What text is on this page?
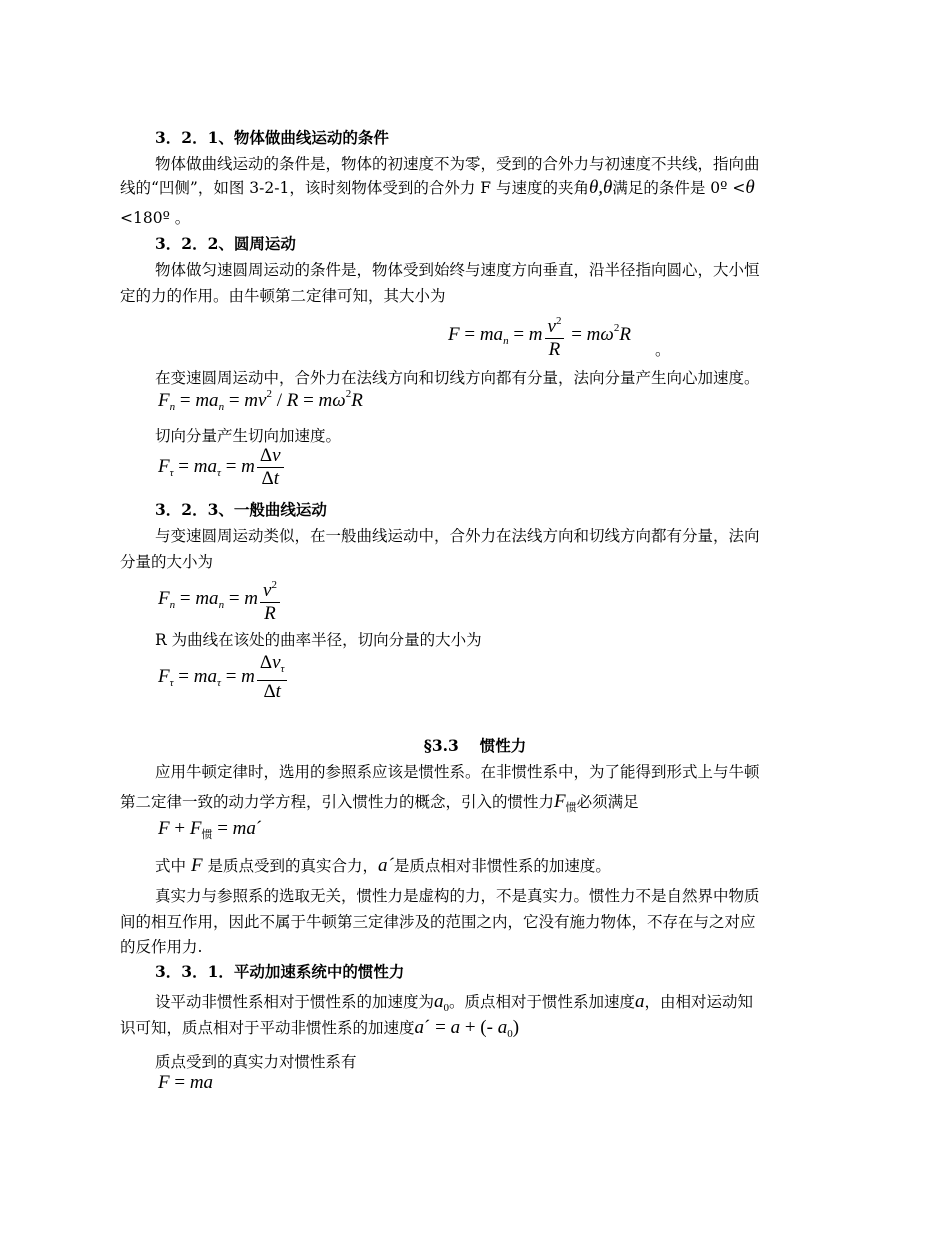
3．2．1、物体做曲线运动的条件
物体做曲线运动的条件是，物体的初速度不为零，受到的合外力与初速度不共线，指向曲
线的“凹侧”，如图 3-2-1，该时刻物体受到的合外力 F 与速度的夹角θ,θ满足的条件是 0º <θ
<180º 。
3．2．2、圆周运动
物体做匀速圆周运动的条件是，物体受到始终与速度方向垂直，沿半径指向圆心，大小恒
定的力的作用。由牛顿第二定律可知，其大小为
$F = ma_n = m \frac{v^2}{R} = m\omega^2R$
。
在变速圆周运动中，合外力在法线方向和切线方向都有分量，法向分量产生向心加速度。
$F_n = ma_n = mv^2 / R = m\omega^2R$
切向分量产生切向加速度。
$F_\tau = ma_\tau = m \frac{\Delta v}{\Delta t}$
3．2．3、一般曲线运动
与变速圆周运动类似，在一般曲线运动中，合外力在法线方向和切线方向都有分量，法向
分量的大小为
$F_n = ma_n = m \frac{v^2}{R}$
R 为曲线在该处的曲率半径，切向分量的大小为
$F_\tau = ma_\tau = m \frac{\Delta v_\tau}{\Delta t}$
§3.3　 惯性力
应用牛顿定律时，选用的参照系应该是惯性系。在非惯性系中，为了能得到形式上与牛顿
第二定律一致的动力学方程，引入惯性力的概念，引入的惯性力$F_惯$必须满足
$F + F_惯$ = ma´
式中 F 是质点受到的真实合力，a´是质点相对非惯性系的加速度。
真实力与参照系的选取无关，惯性力是虚构的力，不是真实力。惯性力不是自然界中物质
间的相互作用，因此不属于牛顿第三定律涉及的范围之内，它没有施力物体，不存在与之对应
的反作用力.
3．3．1．平动加速系统中的惯性力
设平动非惯性系相对于惯性系的加速度为$a_0$。质点相对于惯性系加速度a，由相对运动知
识可知，质点相对于平动非惯性系的加速度a´ = a + (- $a_0$)
质点受到的真实力对惯性系有
F = ma
